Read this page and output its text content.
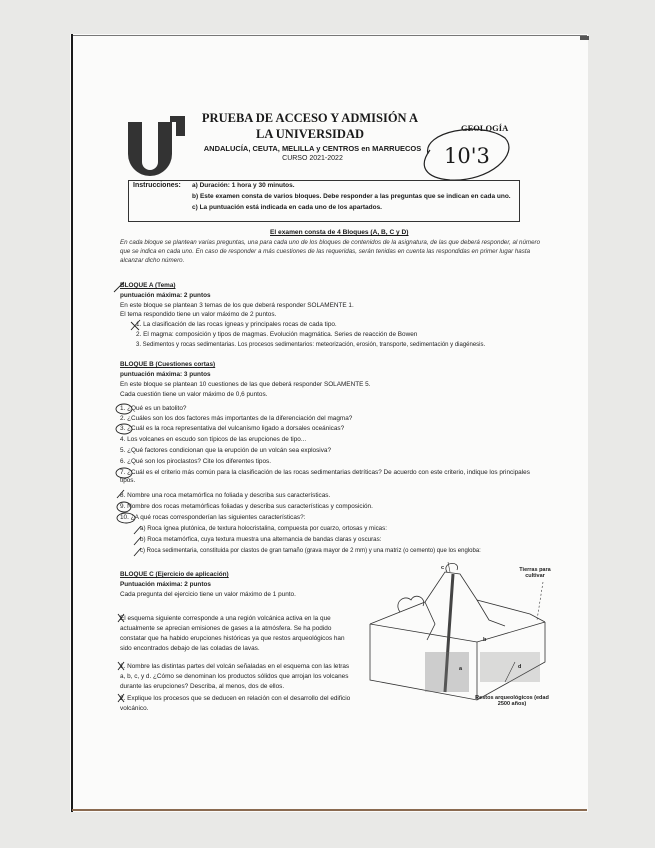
PRUEBA DE ACCESO Y ADMISIÓN A LA UNIVERSIDAD
ANDALUCÍA, CEUTA, MELILLA y CENTROS en MARRUECOS
CURSO 2021-2022
GEOLOGÍA
10'3
Instrucciones: a) Duración: 1 hora y 30 minutos.
b) Este examen consta de varios bloques. Debe responder a las preguntas que se indican en cada uno.
c) La puntuación está indicada en cada uno de los apartados.
El examen consta de 4 Bloques (A, B, C y D)
En cada bloque se plantean varias preguntas, una para cada uno de los bloques de contenidos de la asignatura, de las que deberá responder, al número que se indica en cada uno. En caso de responder a más cuestiones de las requeridas, serán tenidas en cuenta las respondidas en primer lugar hasta alcanzar dicho número.
BLOQUE A (Tema)
puntuación máxima: 2 puntos
En este bloque se plantean 3 temas de los que deberá responder SOLAMENTE 1.
El tema respondido tiene un valor máximo de 2 puntos.
1. La clasificación de las rocas ígneas y principales rocas de cada tipo.
2. El magma: composición y tipos de magmas. Evolución magmática. Series de reacción de Bowen
3. Sedimentos y rocas sedimentarias. Los procesos sedimentarios: meteorización, erosión, transporte, sedimentación y diagénesis.
BLOQUE B (Cuestiones cortas)
puntuación máxima: 3 puntos
En este bloque se plantean 10 cuestiones de las que deberá responder SOLAMENTE 5.
Cada cuestión tiene un valor máximo de 0,6 puntos.
1. ¿Qué es un batolito?
2. ¿Cuáles son los dos factores más importantes de la diferenciación del magma?
3. ¿Cuál es la roca representativa del vulcanismo ligado a dorsales oceánicas?
4. Los volcanes en escudo son típicos de las erupciones de tipo...
5. ¿Qué factores condicionan que la erupción de un volcán sea explosiva?
6. ¿Qué son los piroclastos? Cite los diferentes tipos.
7. ¿Cuál es el criterio más común para la clasificación de las rocas sedimentarias detríticas? De acuerdo con este criterio, indique los principales tipos.
8. Nombre una roca metamórfica no foliada y describa sus características.
9. Nombre dos rocas metamórficas foliadas y describa sus características y composición.
10. ¿A qué rocas corresponderían las siguientes características?:
a) Roca ígnea plutónica, de textura holocristalina, compuesta por cuarzo, ortosas y micas:
b) Roca metamórfica, cuya textura muestra una alternancia de bandas claras y oscuras:
c) Roca sedimentaria, constituida por clastos de gran tamaño (grava mayor de 2 mm) y una matriz (o cemento) que los engloba:
BLOQUE C (Ejercicio de aplicación)
Puntuación máxima: 2 puntos
Cada pregunta del ejercicio tiene un valor máximo de 1 punto.
El esquema siguiente corresponde a una región volcánica activa en la que actualmente se aprecian emisiones de gases a la atmósfera. Se ha podido constatar que ha habido erupciones históricas ya que restos arqueológicos han sido encontrados debajo de las coladas de lavas.
1. Nombre las distintas partes del volcán señaladas en el esquema con las letras a, b, c, y d. ¿Cómo se denominan los productos sólidos que arrojan los volcanes durante las erupciones? Describa, al menos, dos de ellos.
2. Explique los procesos que se deducen en relación con el desarrollo del edificio volcánico.
c
b
a	d
Tierras para cultivar
Restos arqueológicos (edad 2500 años)
